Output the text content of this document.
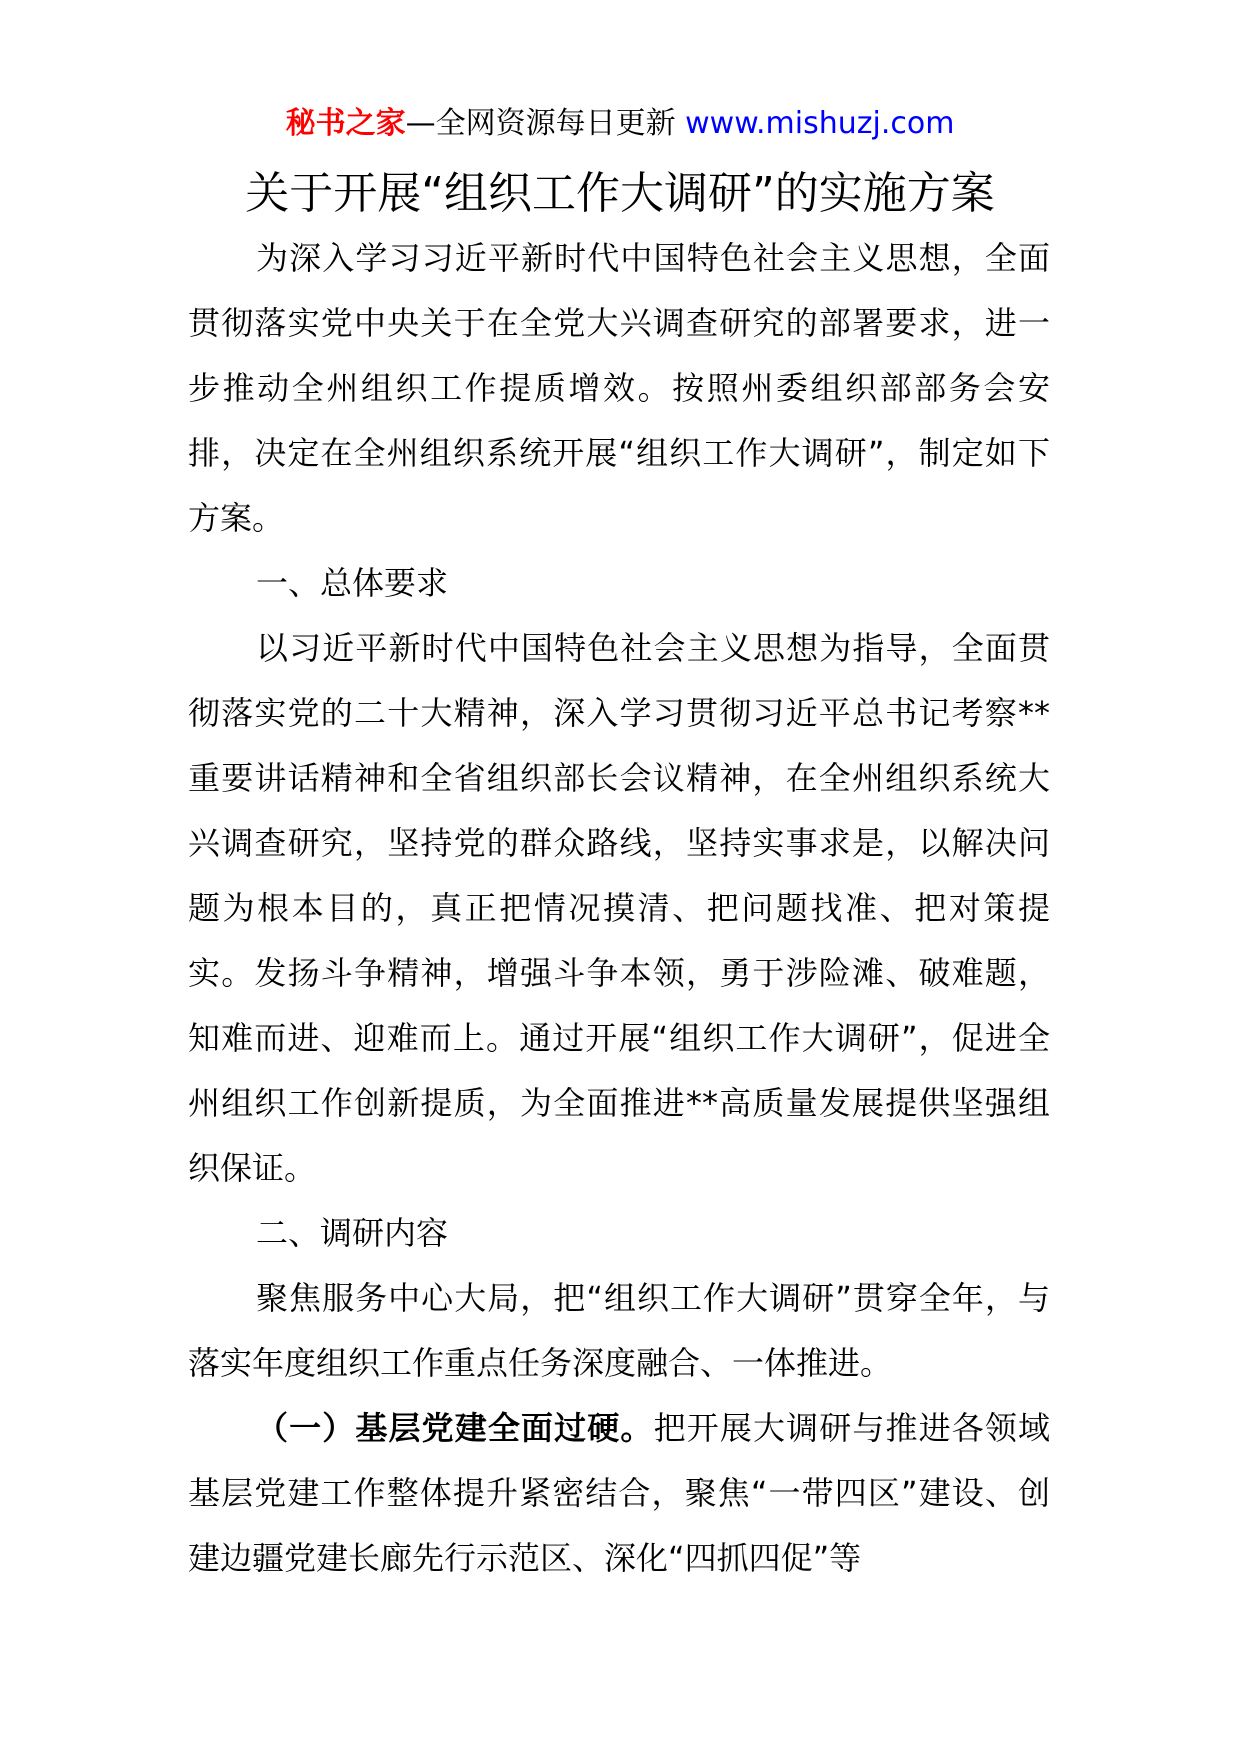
秘书之家—全网资源每日更新 www.mishuzj.com
关于开展“组织工作大调研”的实施方案

为深入学习习近平新时代中国特色社会主义思想，全面贯彻落实党中央关于在全党大兴调查研究的部署要求，进一步推动全州组织工作提质增效。按照州委组织部部务会安排，决定在全州组织系统开展“组织工作大调研”，制定如下方案。

一、总体要求

以习近平新时代中国特色社会主义思想为指导，全面贯彻落实党的二十大精神，深入学习贯彻习近平总书记考察**重要讲话精神和全省组织部长会议精神，在全州组织系统大兴调查研究，坚持党的群众路线，坚持实事求是，以解决问题为根本目的，真正把情况摸清、把问题找准、把对策提实。发扬斗争精神，增强斗争本领，勇于涉险滩、破难题，知难而进、迎难而上。通过开展“组织工作大调研”，促进全州组织工作创新提质，为全面推进**高质量发展提供坚强组织保证。

二、调研内容

聚焦服务中心大局，把“组织工作大调研”贯穿全年，与落实年度组织工作重点任务深度融合、一体推进。

（一）基层党建全面过硬。把开展大调研与推进各领域基层党建工作整体提升紧密结合，聚焦“一带四区”建设、创建边疆党建长廊先行示范区、深化“四抓四促”等
